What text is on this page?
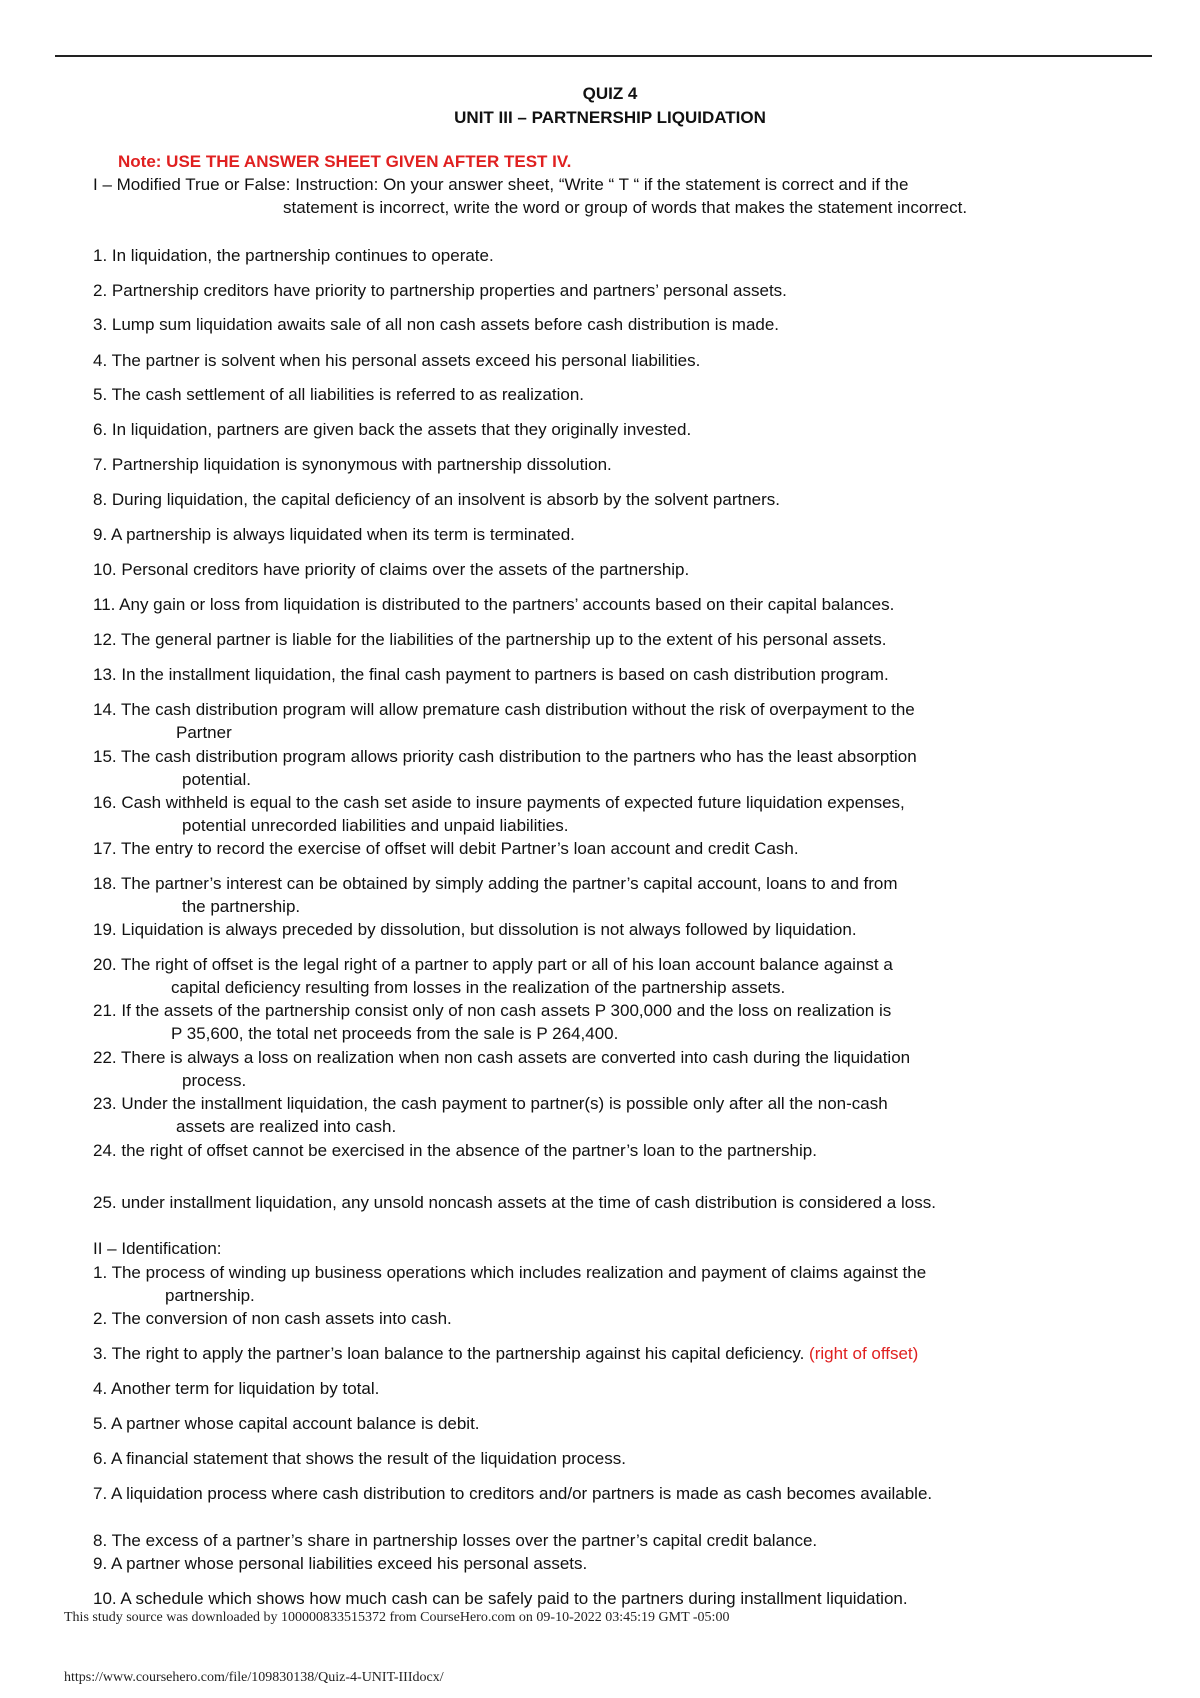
QUIZ 4
UNIT III – PARTNERSHIP LIQUIDATION
Note: USE THE ANSWER SHEET GIVEN AFTER TEST IV.
I – Modified True or False: Instruction: On your answer sheet, “Write “ T “ if the statement is correct and if the
statement is incorrect, write the word or group of words that makes the statement incorrect.
1. In liquidation, the partnership continues to operate.
2. Partnership creditors have priority to partnership properties and partners’ personal assets.
3. Lump sum liquidation awaits sale of all non cash assets before cash distribution is made.
4. The partner is solvent when his personal assets exceed his personal liabilities.
5. The cash settlement of all liabilities is referred to as realization.
6. In liquidation, partners are given back the assets that they originally invested.
7. Partnership liquidation is synonymous with partnership dissolution.
8. During liquidation, the capital deficiency of an insolvent is absorb by the solvent partners.
9. A partnership is always liquidated when its term is terminated.
10. Personal creditors have priority of claims over the assets of the partnership.
11. Any gain or loss from liquidation is distributed to the partners’ accounts based on their capital balances.
12. The general partner is liable for the liabilities of the partnership up to the extent of his personal assets.
13. In the installment liquidation, the final cash payment to partners is based on cash distribution program.
14. The cash distribution program will allow premature cash distribution without the risk of overpayment to the
Partner
15. The cash distribution program allows priority cash distribution to the partners who has the least absorption
potential.
16. Cash withheld is equal to the cash set aside to insure payments of expected future liquidation expenses,
potential unrecorded liabilities and unpaid liabilities.
17. The entry to record the exercise of offset will debit Partner’s loan account and credit Cash.
18. The partner’s interest can be obtained by simply adding the partner’s capital account, loans to and from
the partnership.
19. Liquidation is always preceded by dissolution, but dissolution is not always followed by liquidation.
20. The right of offset is the legal right of a partner to apply part or all of his loan account balance against a
capital deficiency resulting from losses in the realization of the partnership assets.
21. If the assets of the partnership consist only of non cash assets P 300,000 and the loss on realization is
P 35,600, the total net proceeds from the sale is P 264,400.
22. There is always a loss on realization when non cash assets are converted into cash during the liquidation
process.
23. Under the installment liquidation, the cash payment to partner(s) is possible only after all the non-cash
assets are realized into cash.
24. the right of offset cannot be exercised in the absence of the partner’s loan to the partnership.
25. under installment liquidation, any unsold noncash assets at the time of cash distribution is considered a loss.
II – Identification:
1. The process of winding up business operations which includes realization and payment of claims against the
partnership.
2. The conversion of non cash assets into cash.
3. The right to apply the partner’s loan balance to the partnership against his capital deficiency. (right of offset)
4. Another term for liquidation by total.
5. A partner whose capital account balance is debit.
6. A financial statement that shows the result of the liquidation process.
7. A liquidation process where cash distribution to creditors and/or partners is made as cash becomes available.
8. The excess of a partner’s share in partnership losses over the partner’s capital credit balance.
9. A partner whose personal liabilities exceed his personal assets.
10. A schedule which shows how much cash can be safely paid to the partners during installment liquidation.
This study source was downloaded by 100000833515372 from CourseHero.com on 09-10-2022 03:45:19 GMT -05:00
https://www.coursehero.com/file/109830138/Quiz-4-UNIT-IIIdocx/
